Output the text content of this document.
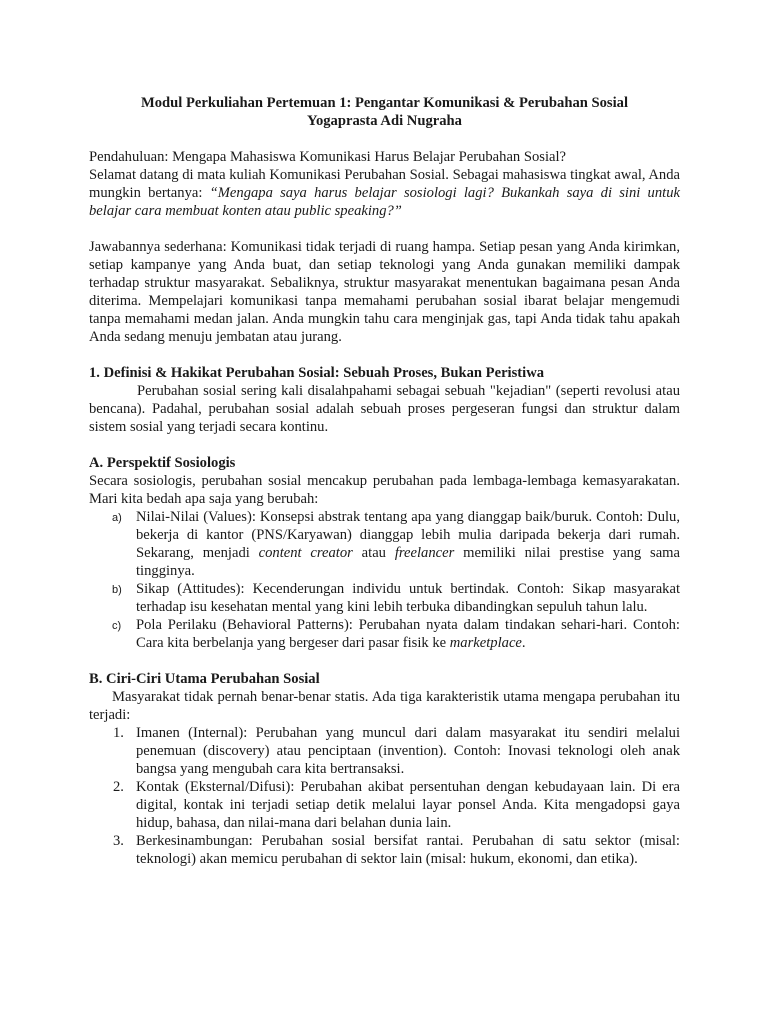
Modul Perkuliahan Pertemuan 1: Pengantar Komunikasi & Perubahan Sosial

Yogaprasta Adi Nugraha

Pendahuluan: Mengapa Mahasiswa Komunikasi Harus Belajar Perubahan Sosial?

Selamat datang di mata kuliah Komunikasi Perubahan Sosial. Sebagai mahasiswa tingkat awal, Anda mungkin bertanya: “Mengapa saya harus belajar sosiologi lagi? Bukankah saya di sini untuk belajar cara membuat konten atau public speaking?”

Jawabannya sederhana: Komunikasi tidak terjadi di ruang hampa. Setiap pesan yang Anda kirimkan, setiap kampanye yang Anda buat, dan setiap teknologi yang Anda gunakan memiliki dampak terhadap struktur masyarakat. Sebaliknya, struktur masyarakat menentukan bagaimana pesan Anda diterima. Mempelajari komunikasi tanpa memahami perubahan sosial ibarat belajar mengemudi tanpa memahami medan jalan. Anda mungkin tahu cara menginjak gas, tapi Anda tidak tahu apakah Anda sedang menuju jembatan atau jurang.

1. Definisi & Hakikat Perubahan Sosial: Sebuah Proses, Bukan Peristiwa

Perubahan sosial sering kali disalahpahami sebagai sebuah "kejadian" (seperti revolusi atau bencana). Padahal, perubahan sosial adalah sebuah proses pergeseran fungsi dan struktur dalam sistem sosial yang terjadi secara kontinu.

A. Perspektif Sosiologis

Secara sosiologis, perubahan sosial mencakup perubahan pada lembaga-lembaga kemasyarakatan. Mari kita bedah apa saja yang berubah:

a) Nilai-Nilai (Values): Konsepsi abstrak tentang apa yang dianggap baik/buruk. Contoh: Dulu, bekerja di kantor (PNS/Karyawan) dianggap lebih mulia daripada bekerja dari rumah. Sekarang, menjadi content creator atau freelancer memiliki nilai prestise yang sama tingginya.
b) Sikap (Attitudes): Kecenderungan individu untuk bertindak. Contoh: Sikap masyarakat terhadap isu kesehatan mental yang kini lebih terbuka dibandingkan sepuluh tahun lalu.
c) Pola Perilaku (Behavioral Patterns): Perubahan nyata dalam tindakan sehari-hari. Contoh: Cara kita berbelanja yang bergeser dari pasar fisik ke marketplace.

B. Ciri-Ciri Utama Perubahan Sosial

Masyarakat tidak pernah benar-benar statis. Ada tiga karakteristik utama mengapa perubahan itu terjadi:

1. Imanen (Internal): Perubahan yang muncul dari dalam masyarakat itu sendiri melalui penemuan (discovery) atau penciptaan (invention). Contoh: Inovasi teknologi oleh anak bangsa yang mengubah cara kita bertransaksi.
2. Kontak (Eksternal/Difusi): Perubahan akibat persentuhan dengan kebudayaan lain. Di era digital, kontak ini terjadi setiap detik melalui layar ponsel Anda. Kita mengadopsi gaya hidup, bahasa, dan nilai-mana dari belahan dunia lain.
3. Berkesinambungan: Perubahan sosial bersifat rantai. Perubahan di satu sektor (misal: teknologi) akan memicu perubahan di sektor lain (misal: hukum, ekonomi, dan etika).
